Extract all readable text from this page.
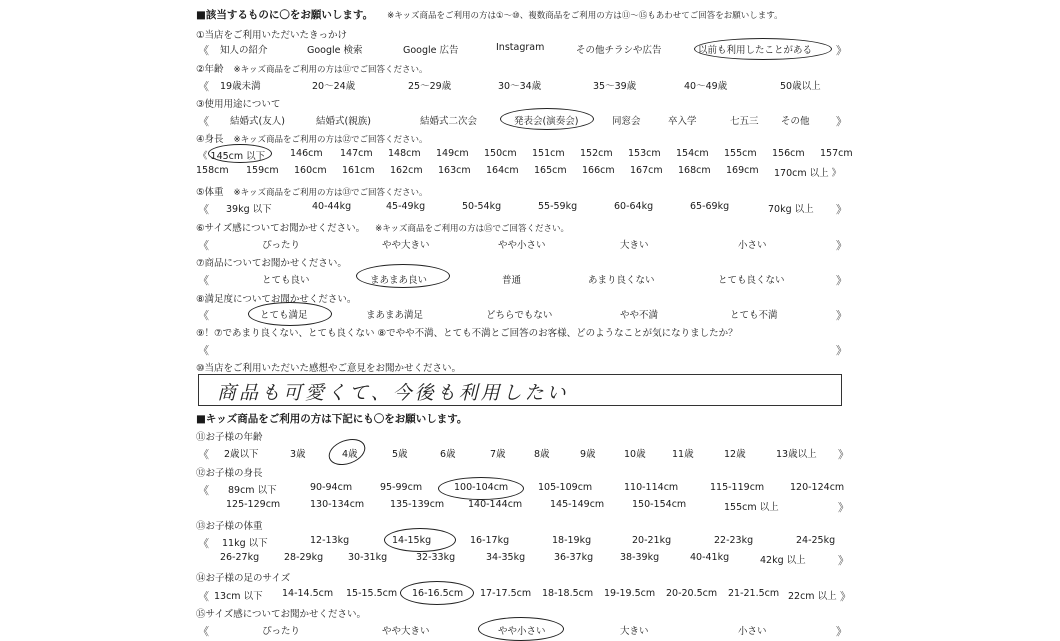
■該当するものに〇をお願いします。 ※キッズ商品をご利用の方は①～⑩、複数商品をご利用の方は⑪～⑮もあわせてご回答をお願いします。
①当店をご利用いただいたきっかけ
《 知人の紹介	Google 検索	Google 広告	Instagram	その他チラシや広告	以前も利用したことがある 》
②年齢 ※キッズ商品をご利用の方は⑪でご回答ください。
《 19歳未満	20～24歳	25～29歳	30～34歳	35～39歳	40～49歳	50歳以上
③使用用途について
《 結婚式(友人)	結婚式(親族)	結婚式二次会	発表会(演奏会)	同窓会	卒入学	七五三 その他 》
④身長 ※キッズ商品をご利用の方は⑫でご回答ください。
《 145cm 以下	146cm 147cm 148cm 149cm 150cm 151cm 152cm 153cm 154cm 155cm 156cm 157cm
158cm 159cm 160cm 161cm 162cm 163cm 164cm 165cm 166cm 167cm 168cm 169cm 170cm 以上 》
⑤体重 ※キッズ商品をご利用の方は⑬でご回答ください。
《 39kg 以下	40-44kg	45-49kg	50-54kg	55-59kg	60-64kg	65-69kg	70kg 以上 》
⑥サイズ感についてお聞かせください。 ※キッズ商品をご利用の方は⑮でご回答ください。
《	ぴったり	やや大きい	やや小さい	大きい	小さい	》
⑦商品についてお聞かせください。
《	とても良い	まあまあ良い	普通	あまり良くない	とても良くない	》
⑧満足度についてお聞かせください。
《	とても満足	まあまあ満足	どちらでもない	やや不満	とても不満	》
⑨！⑦であまり良くない、とても良くない ⑧でやや不満、とても不満とご回答のお客様、どのようなことが気になりましたか？
《	》
⑩当店をご利用いただいた感想やご意見をお聞かせください。
商品も可愛くて、今後も利用したい
■キッズ商品をご利用の方は下記にも〇をお願いします。
⑪お子様の年齢
《 2歳以下	3歳	4歳	5歳	6歳	7歳	8歳	9歳	10歳	11歳	12歳	13歳以上 》
⑫お子様の身長
《 89cm 以下	90-94cm	95-99cm	100-104cm	105-109cm	110-114cm	115-119cm	120-124cm
125-129cm	130-134cm	135-139cm	140-144cm	145-149cm	150-154cm	155cm 以上	》
⑬お子様の体重
《 11kg 以下	12-13kg	14-15kg	16-17kg	18-19kg	20-21kg	22-23kg	24-25kg
26-27kg	28-29kg	30-31kg	32-33kg	34-35kg	36-37kg	38-39kg	40-41kg	42kg 以上	》
⑭お子様の足のサイズ
《 13cm 以下 14-14.5cm 15-15.5cm 16-16.5cm 17-17.5cm 18-18.5cm 19-19.5cm 20-20.5cm 21-21.5cm 22cm 以上 》
⑮サイズ感についてお聞かせください。
《	ぴったり	やや大きい	やや小さい	大きい	小さい	》
